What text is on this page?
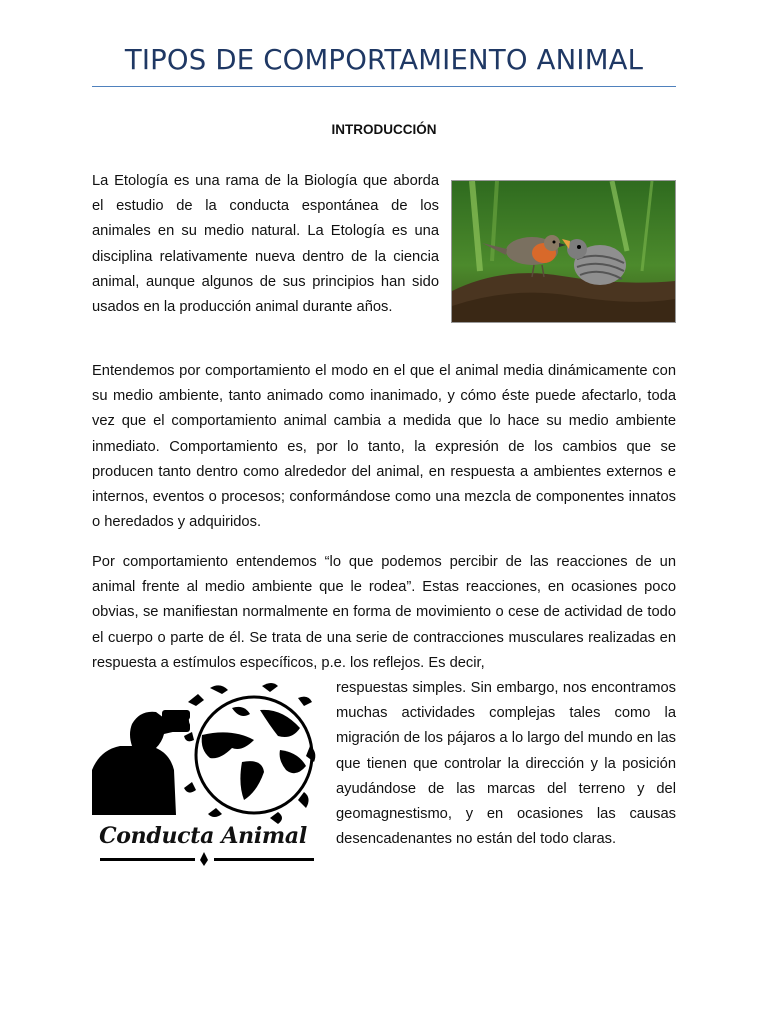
TIPOS DE COMPORTAMIENTO ANIMAL
INTRODUCCIÓN

La Etología es una rama de la Biología que aborda el estudio de la conducta espontánea de los animales en su medio natural. La Etología es una disciplina relativamente nueva dentro de la ciencia animal, aunque algunos de sus principios han sido usados en la producción animal durante años.

Entendemos por comportamiento el modo en el que el animal media dinámicamente con su medio ambiente, tanto animado como inanimado, y cómo éste puede afectarlo, toda vez que el comportamiento animal cambia a medida que lo hace su medio ambiente inmediato. Comportamiento es, por lo tanto, la expresión de los cambios que se producen tanto dentro como alrededor del animal, en respuesta a ambientes externos e internos, eventos o procesos; conformándose como una mezcla de componentes innatos o heredados y adquiridos.

Por comportamiento entendemos “lo que podemos percibir de las reacciones de un animal frente al medio ambiente que le rodea”. Estas reacciones, en ocasiones poco obvias, se manifiestan normalmente en forma de movimiento o cese de actividad de todo el cuerpo o parte de él. Se trata de una serie de contracciones musculares realizadas en respuesta a estímulos específicos, p.e. los reflejos. Es decir,

Conducta Animal

respuestas simples. Sin embargo, nos encontramos muchas actividades complejas tales como la migración de los pájaros a lo largo del mundo en las que tienen que controlar la dirección y la posición ayudándose de las marcas del terreno y del geomagnestismo, y en ocasiones las causas desencadenantes no están del todo claras.
